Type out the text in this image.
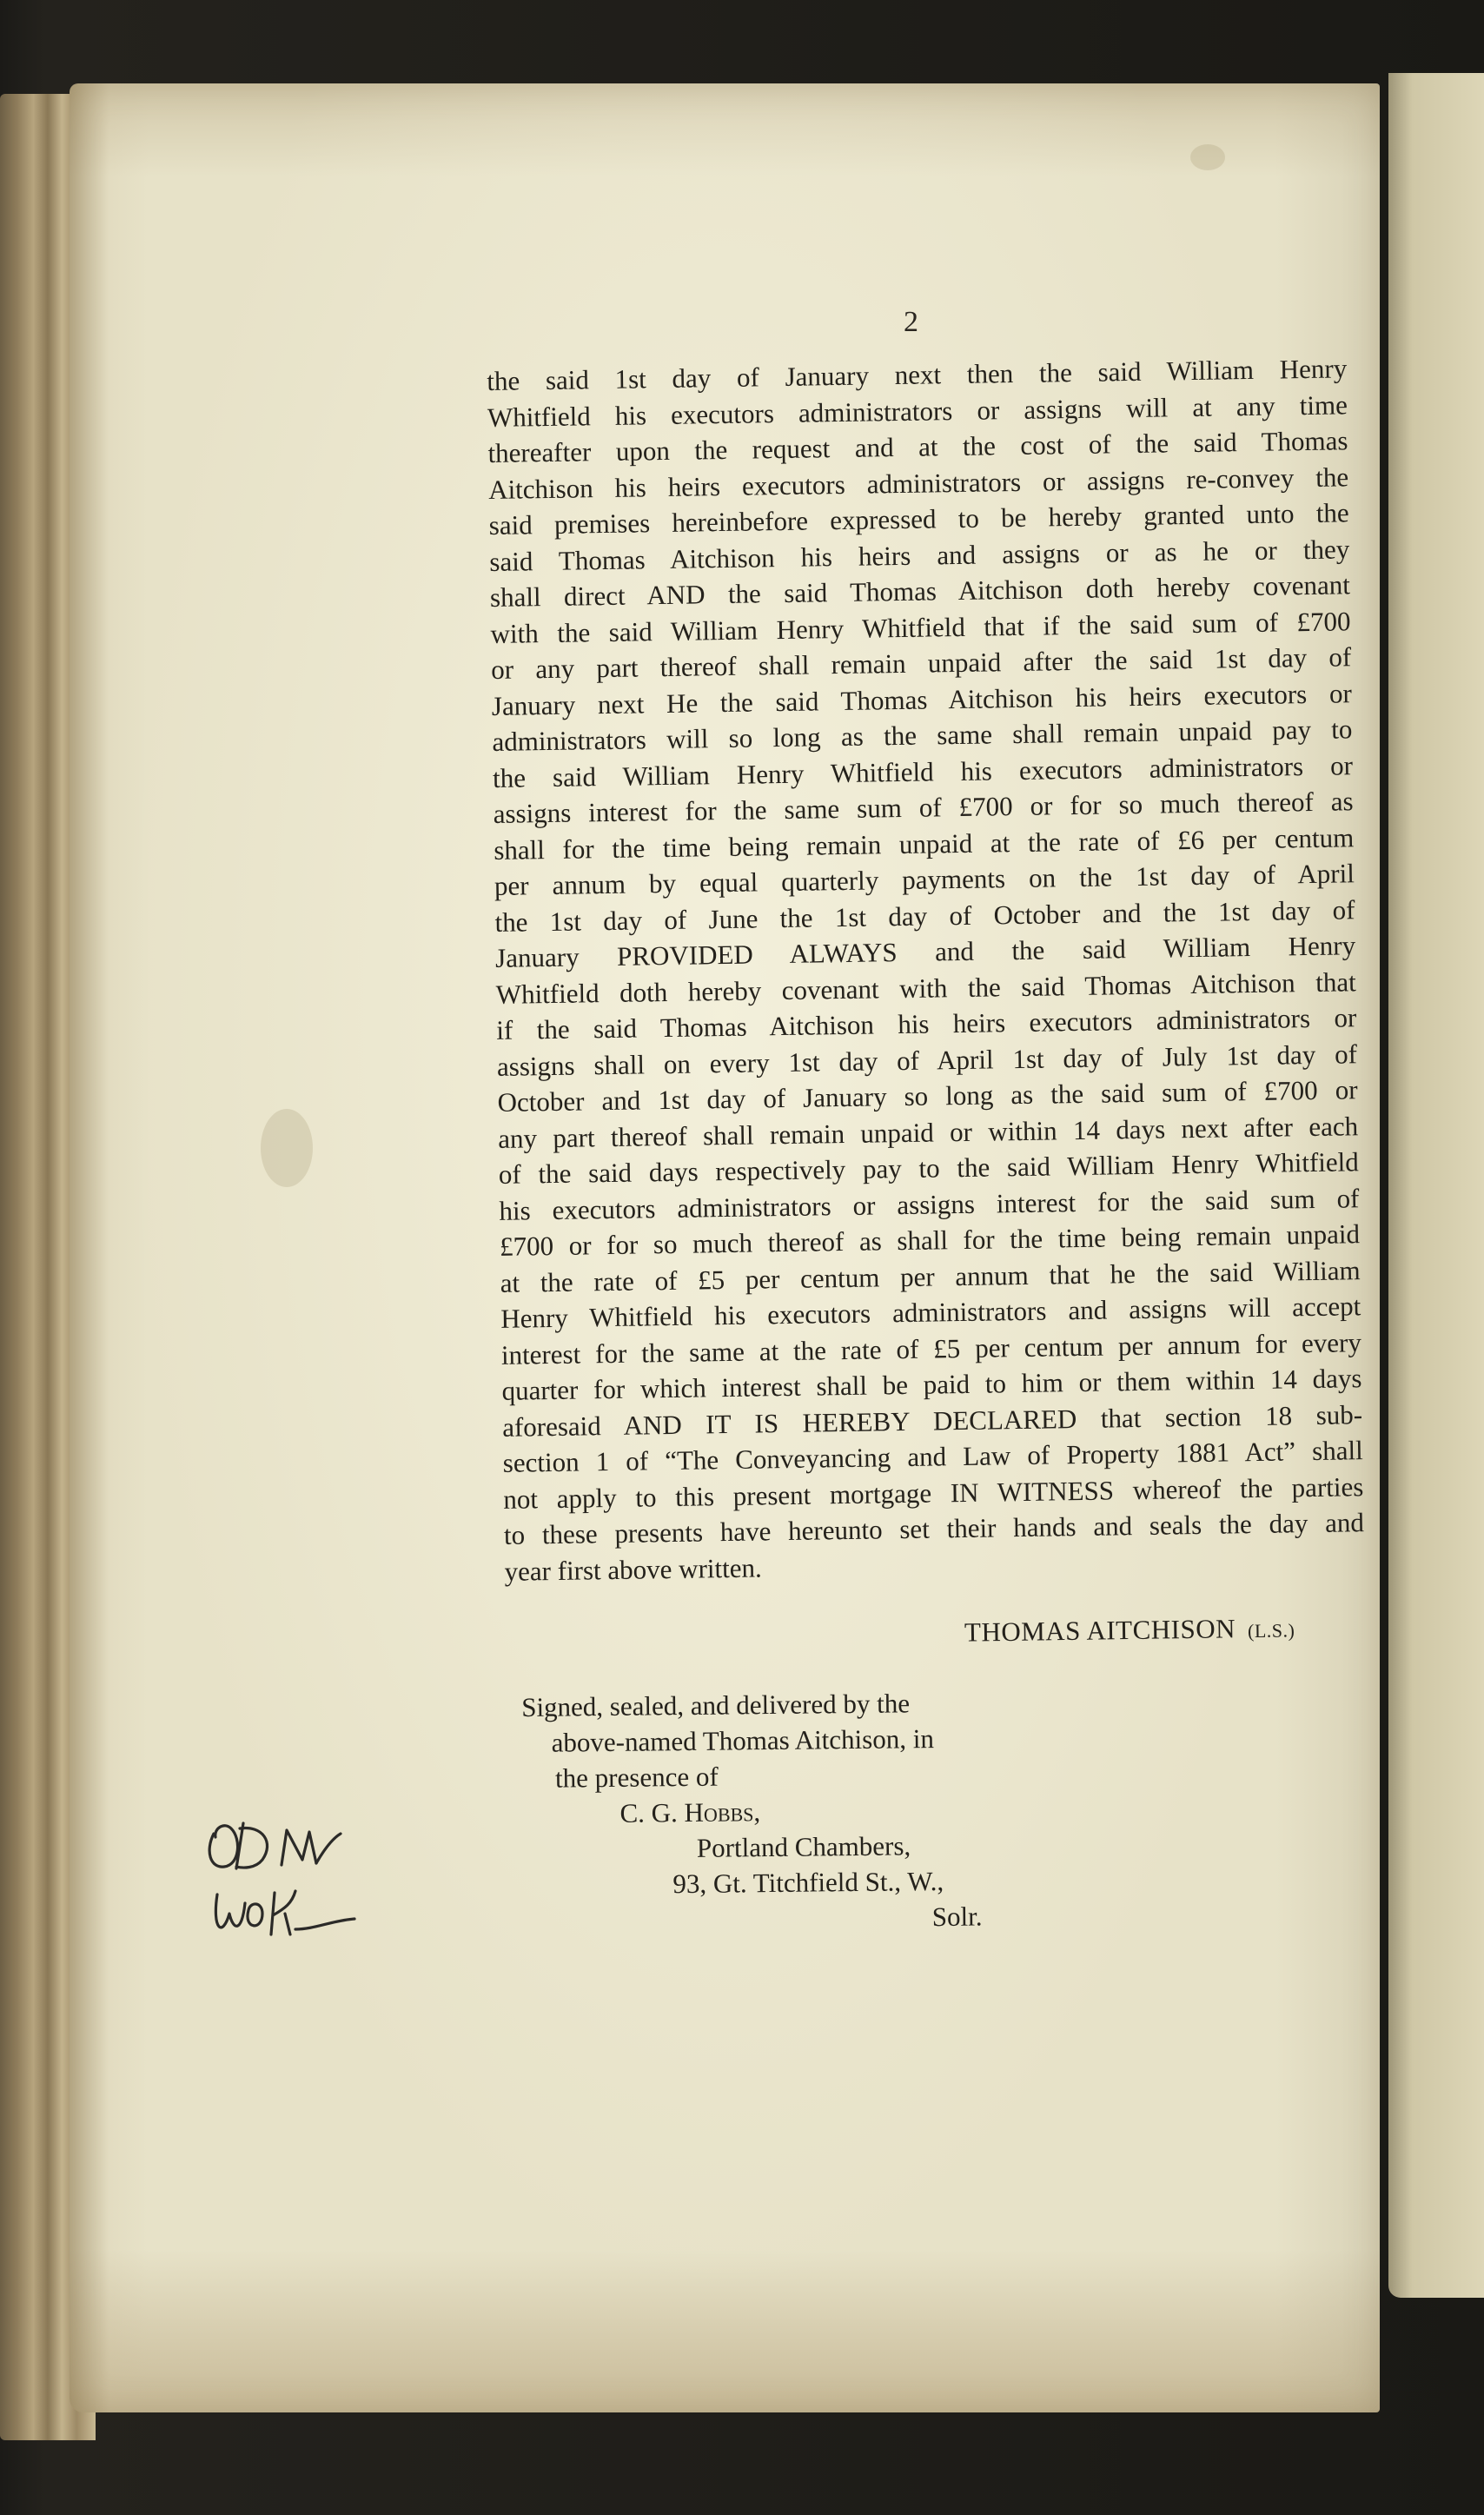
2
the said 1st day of January next then the said William Henry
Whitfield his executors administrators or assigns will at any time
thereafter upon the request and at the cost of the said Thomas
Aitchison his heirs executors administrators or assigns re-convey the
said premises hereinbefore expressed to be hereby granted unto the
said Thomas Aitchison his heirs and assigns or as he or they
shall direct AND the said Thomas Aitchison doth hereby covenant
with the said William Henry Whitfield that if the said sum of £700
or any part thereof shall remain unpaid after the said 1st day of
January next He the said Thomas Aitchison his heirs executors or
administrators will so long as the same shall remain unpaid pay to
the said William Henry Whitfield his executors administrators or
assigns interest for the same sum of £700 or for so much thereof as
shall for the time being remain unpaid at the rate of £6 per centum
per annum by equal quarterly payments on the 1st day of April
the 1st day of June the 1st day of October and the 1st day of
January PROVIDED ALWAYS and the said William Henry
Whitfield doth hereby covenant with the said Thomas Aitchison that
if the said Thomas Aitchison his heirs executors administrators or
assigns shall on every 1st day of April 1st day of July 1st day of
October and 1st day of January so long as the said sum of £700 or
any part thereof shall remain unpaid or within 14 days next after each
of the said days respectively pay to the said William Henry Whitfield
his executors administrators or assigns interest for the said sum of
£700 or for so much thereof as shall for the time being remain unpaid
at the rate of £5 per centum per annum that he the said William
Henry Whitfield his executors administrators and assigns will accept
interest for the same at the rate of £5 per centum per annum for every
quarter for which interest shall be paid to him or them within 14 days
aforesaid AND IT IS HEREBY DECLARED that section 18 sub-
section 1 of “The Conveyancing and Law of Property 1881 Act” shall
not apply to this present mortgage IN WITNESS whereof the parties
to these presents have hereunto set their hands and seals the day and
year first above written.
THOMAS AITCHISON (L.S.)
Signed, sealed, and delivered by the
above-named Thomas Aitchison, in
the presence of
C. G. Hobbs,
Portland Chambers,
93, Gt. Titchfield St., W.,
Solr.
